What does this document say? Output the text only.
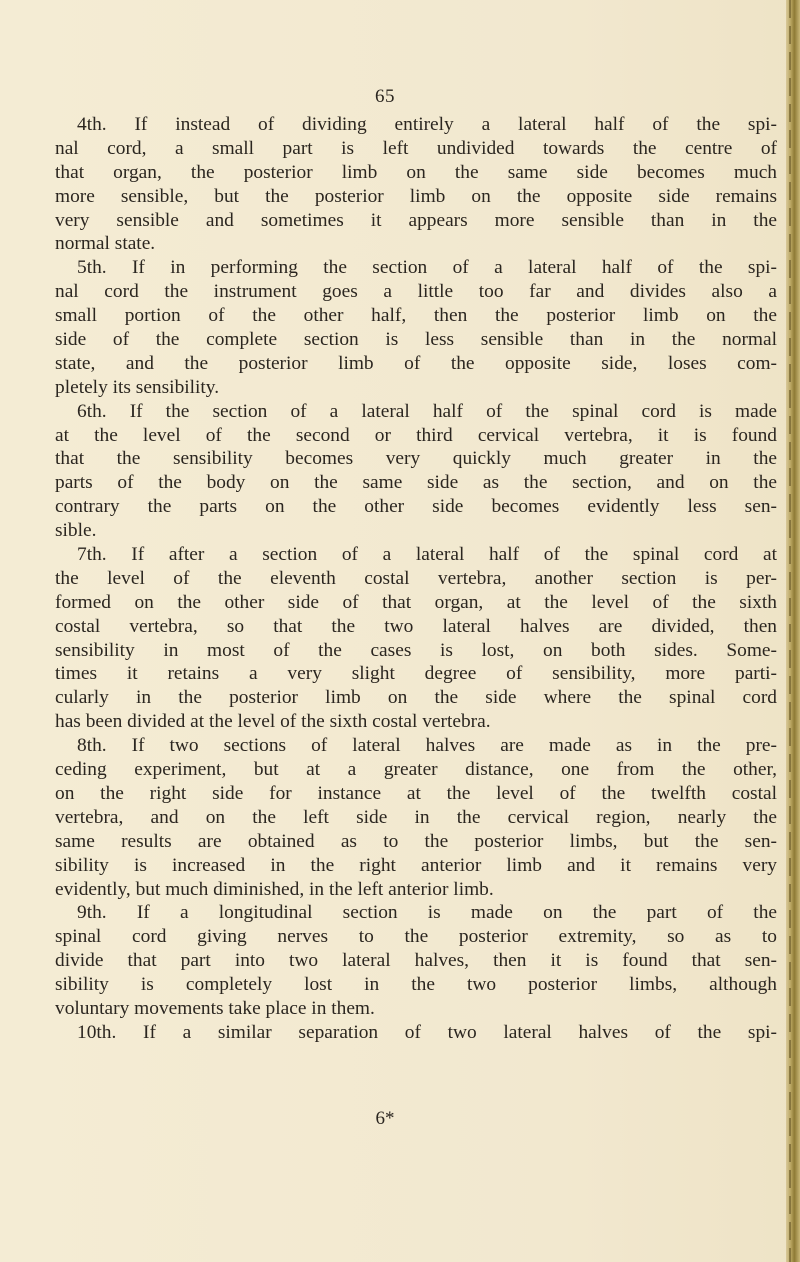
65
4th. If instead of dividing entirely a lateral half of the spi-
nal cord, a small part is left undivided towards the centre of
that organ, the posterior limb on the same side becomes much
more sensible, but the posterior limb on the opposite side remains
very sensible and sometimes it appears more sensible than in the
normal state.
5th. If in performing the section of a lateral half of the spi-
nal cord the instrument goes a little too far and divides also a
small portion of the other half, then the posterior limb on the
side of the complete section is less sensible than in the normal
state, and the posterior limb of the opposite side, loses com-
pletely its sensibility.
6th. If the section of a lateral half of the spinal cord is made
at the level of the second or third cervical vertebra, it is found
that the sensibility becomes very quickly much greater in the
parts of the body on the same side as the section, and on the
contrary the parts on the other side becomes evidently less sen-
sible.
7th. If after a section of a lateral half of the spinal cord at
the level of the eleventh costal vertebra, another section is per-
formed on the other side of that organ, at the level of the sixth
costal vertebra, so that the two lateral halves are divided, then
sensibility in most of the cases is lost, on both sides. Some-
times it retains a very slight degree of sensibility, more parti-
cularly in the posterior limb on the side where the spinal cord
has been divided at the level of the sixth costal vertebra.
8th. If two sections of lateral halves are made as in the pre-
ceding experiment, but at a greater distance, one from the other,
on the right side for instance at the level of the twelfth costal
vertebra, and on the left side in the cervical region, nearly the
same results are obtained as to the posterior limbs, but the sen-
sibility is increased in the right anterior limb and it remains very
evidently, but much diminished, in the left anterior limb.
9th. If a longitudinal section is made on the part of the
spinal cord giving nerves to the posterior extremity, so as to
divide that part into two lateral halves, then it is found that sen-
sibility is completely lost in the two posterior limbs, although
voluntary movements take place in them.
10th. If a similar separation of two lateral halves of the spi-
6*
